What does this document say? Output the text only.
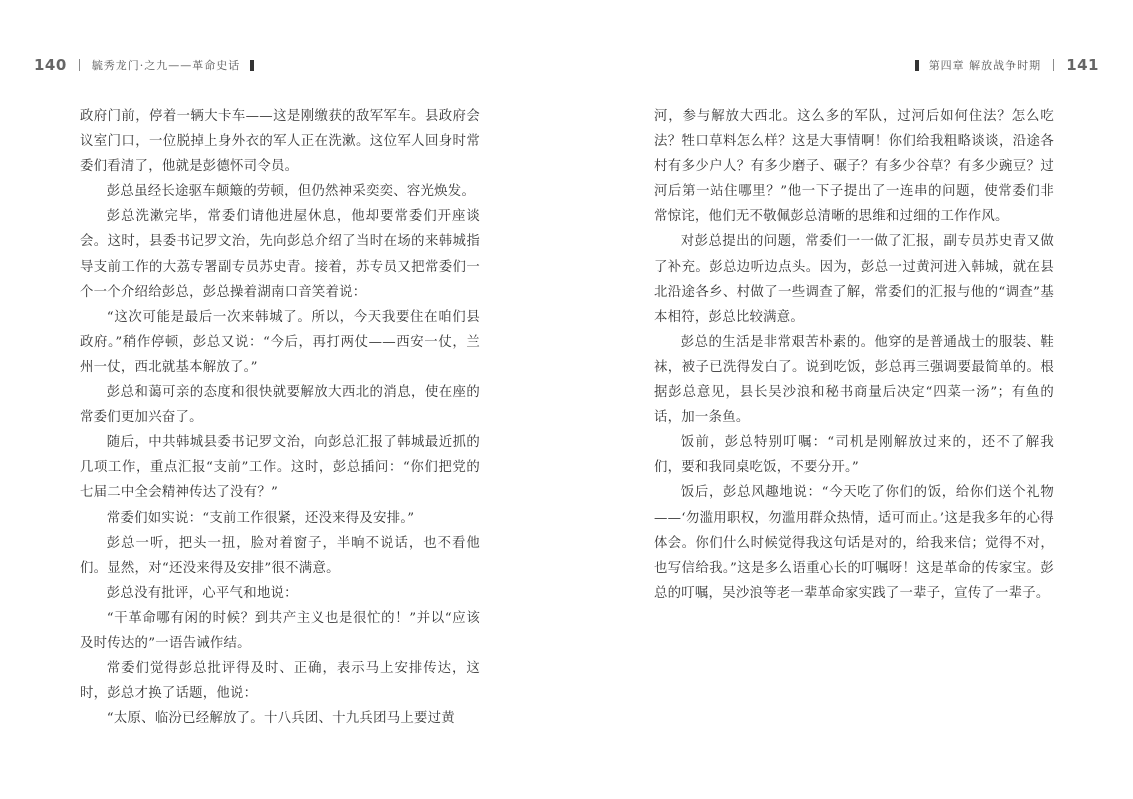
140 毓秀龙门·之九——革命史话

政府门前，停着一辆大卡车——这是刚缴获的敌军军车。县政府会议室门口，一位脱掉上身外衣的军人正在洗漱。这位军人回身时常委们看清了，他就是彭德怀司令员。

彭总虽经长途驱车颠簸的劳顿，但仍然神采奕奕、容光焕发。

彭总洗漱完毕，常委们请他进屋休息，他却要常委们开座谈会。这时，县委书记罗文治，先向彭总介绍了当时在场的来韩城指导支前工作的大荔专署副专员苏史青。接着，苏专员又把常委们一个一个介绍给彭总，彭总操着湖南口音笑着说：

“这次可能是最后一次来韩城了。所以，今天我要住在咱们县政府。”稍作停顿，彭总又说：“今后，再打两仗——西安一仗，兰州一仗，西北就基本解放了。”

彭总和蔼可亲的态度和很快就要解放大西北的消息，使在座的常委们更加兴奋了。

随后，中共韩城县委书记罗文治，向彭总汇报了韩城最近抓的几项工作，重点汇报“支前”工作。这时，彭总插问：“你们把党的七届二中全会精神传达了没有？”

常委们如实说：“支前工作很紧，还没来得及安排。”

彭总一听，把头一扭，脸对着窗子，半晌不说话，也不看他们。显然，对“还没来得及安排”很不满意。

彭总没有批评，心平气和地说：

“干革命哪有闲的时候？到共产主义也是很忙的！”并以“应该及时传达的”一语告诫作结。

常委们觉得彭总批评得及时、正确，表示马上安排传达，这时，彭总才换了话题，他说：

“太原、临汾已经解放了。十八兵团、十九兵团马上要过黄

第四章 解放战争时期 141

河，参与解放大西北。这么多的军队，过河后如何住法？怎么吃法？牲口草料怎么样？这是大事情啊！你们给我粗略谈谈，沿途各村有多少户人？有多少磨子、碾子？有多少谷草？有多少豌豆？过河后第一站住哪里？”他一下子提出了一连串的问题，使常委们非常惊诧，他们无不敬佩彭总清晰的思维和过细的工作作风。

对彭总提出的问题，常委们一一做了汇报，副专员苏史青又做了补充。彭总边听边点头。因为，彭总一过黄河进入韩城，就在县北沿途各乡、村做了一些调查了解，常委们的汇报与他的“调查”基本相符，彭总比较满意。

彭总的生活是非常艰苦朴素的。他穿的是普通战士的服装、鞋袜，被子已洗得发白了。说到吃饭，彭总再三强调要最简单的。根据彭总意见，县长吴沙浪和秘书商量后决定“四菜一汤”；有鱼的话，加一条鱼。

饭前，彭总特别叮嘱：“司机是刚解放过来的，还不了解我们，要和我同桌吃饭，不要分开。”

饭后，彭总风趣地说：“今天吃了你们的饭，给你们送个礼物——‘勿滥用职权，勿滥用群众热情，适可而止。’这是我多年的心得体会。你们什么时候觉得我这句话是对的，给我来信；觉得不对，也写信给我。”这是多么语重心长的叮嘱呀！这是革命的传家宝。彭总的叮嘱，吴沙浪等老一辈革命家实践了一辈子，宣传了一辈子。
